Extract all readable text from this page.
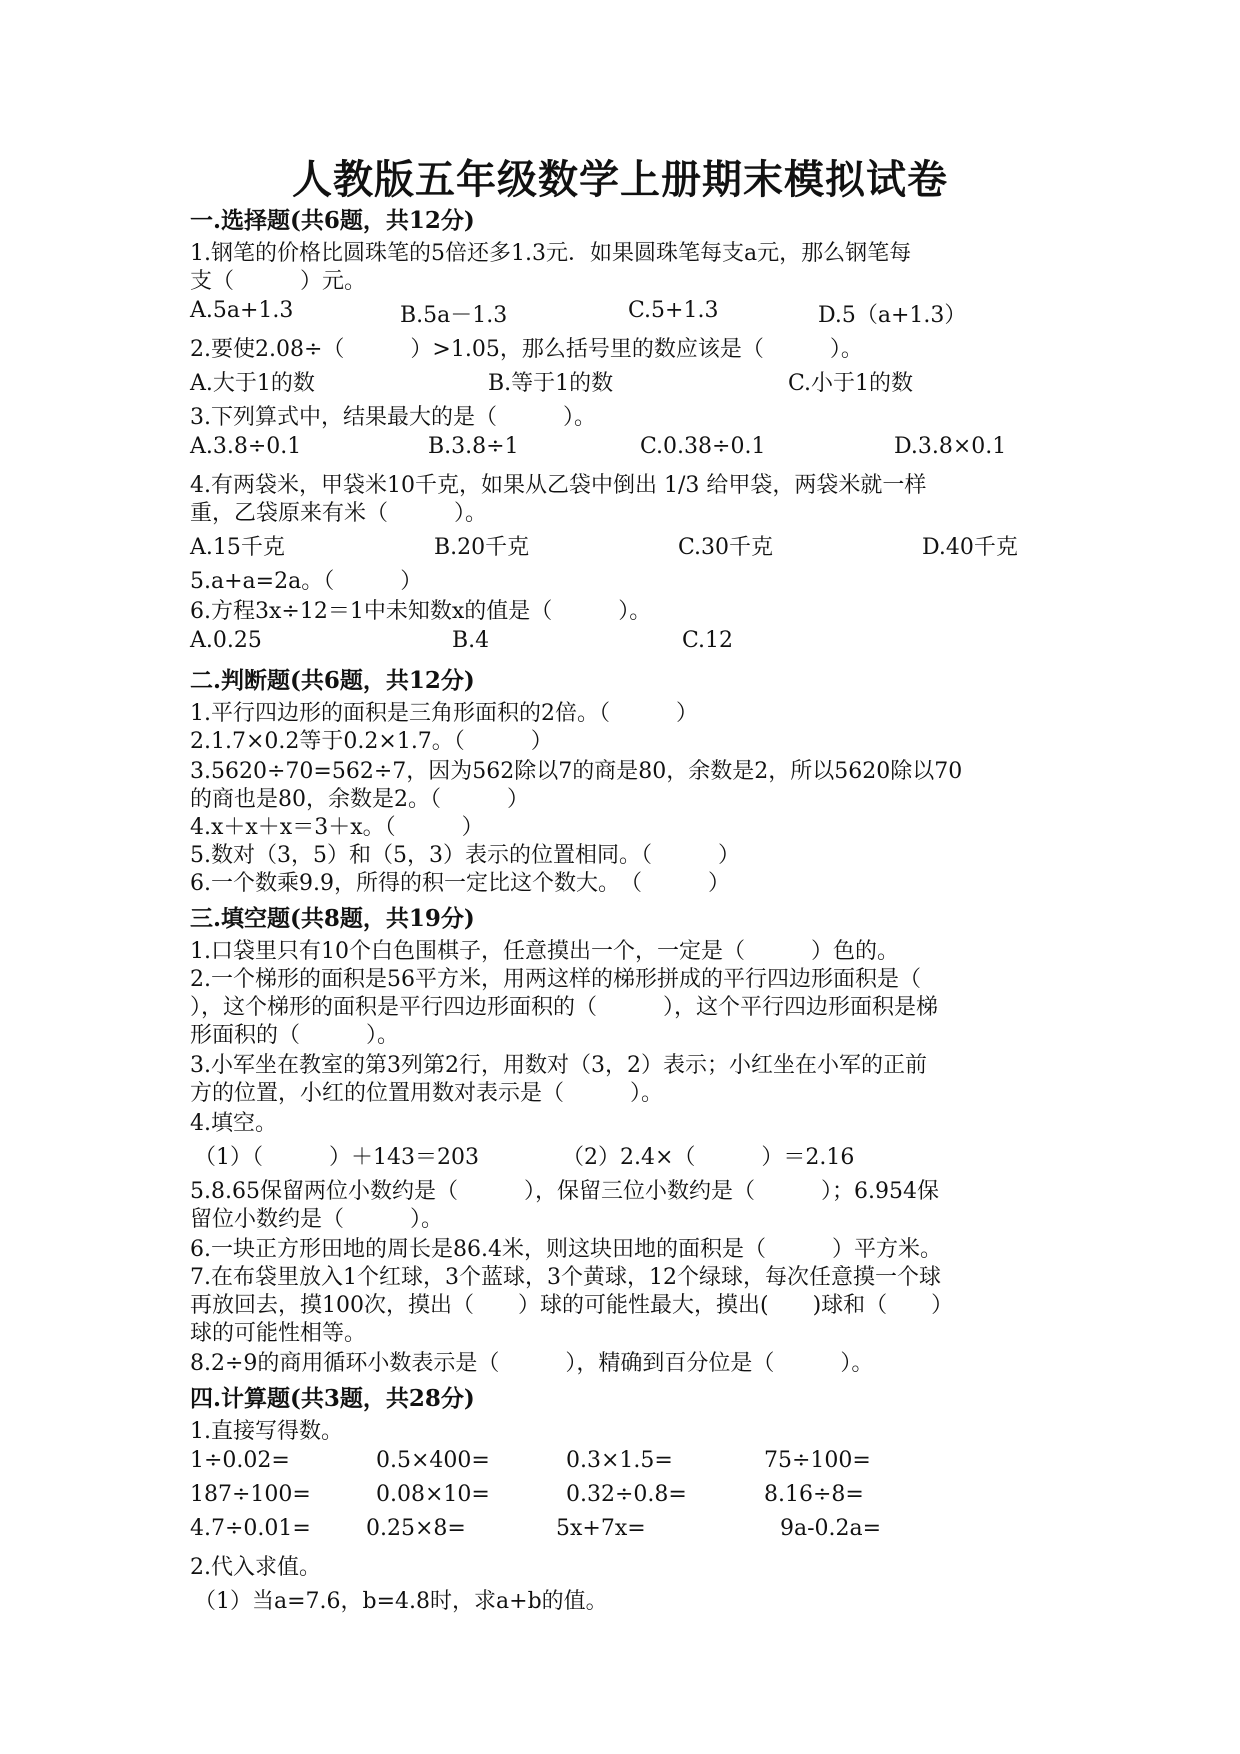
人教版五年级数学上册期末模拟试卷
一.选择题(共6题，共12分)
1.钢笔的价格比圆珠笔的5倍还多1.3元．如果圆珠笔每支a元，那么钢笔每
支（　　　）元。
A.5a+1.3	B.5a－1.3	C.5+1.3	D.5（a+1.3）
2.要使2.08÷（　　　）>1.05，那么括号里的数应该是（　　　）。
A.大于1的数	B.等于1的数	C.小于1的数
3.下列算式中，结果最大的是（　　　）。
A.3.8÷0.1	B.3.8÷1	C.0.38÷0.1	D.3.8×0.1
4.有两袋米，甲袋米10千克，如果从乙袋中倒出 1/3 给甲袋，两袋米就一样
重，乙袋原来有米（　　　）。
A.15千克	B.20千克	C.30千克	D.40千克
5.a+a=2a。（　　　）
6.方程3x÷12＝1中未知数x的值是（　　　）。
A.0.25	B.4	C.12
二.判断题(共6题，共12分)
1.平行四边形的面积是三角形面积的2倍。（　　　）
2.1.7×0.2等于0.2×1.7。（　　　）
3.5620÷70=562÷7，因为562除以7的商是80，余数是2，所以5620除以70
的商也是80，余数是2。（　　　）
4.x＋x＋x＝3＋x。（　　　）
5.数对（3，5）和（5，3）表示的位置相同。（　　　）
6.一个数乘9.9，所得的积一定比这个数大。　（　　　）
三.填空题(共8题，共19分)
1.口袋里只有10个白色围棋子，任意摸出一个，一定是（　　　）色的。
2.一个梯形的面积是56平方米，用两这样的梯形拼成的平行四边形面积是（
），这个梯形的面积是平行四边形面积的（　　　），这个平行四边形面积是梯
形面积的（　　　）。
3.小军坐在教室的第3列第2行，用数对（3，2）表示；小红坐在小军的正前
方的位置，小红的位置用数对表示是（　　　）。
4.填空。
（1）（　　　）＋143＝203	（2）2.4×（　　　）＝2.16
5.8.65保留两位小数约是（　　　），保留三位小数约是（　　　）；6.954保
留位小数约是（　　　）。
6.一块正方形田地的周长是86.4米，则这块田地的面积是（　　　）平方米。
7.在布袋里放入1个红球，3个蓝球，3个黄球，12个绿球，每次任意摸一个球
再放回去，摸100次，摸出（　　）球的可能性最大，摸出(　　)球和（　　）
球的可能性相等。
8.2÷9的商用循环小数表示是（　　　），精确到百分位是（　　　）。
四.计算题(共3题，共28分)
1.直接写得数。
1÷0.02=	0.5×400=	0.3×1.5=	75÷100=
187÷100=	0.08×10=	0.32÷0.8=	8.16÷8=
4.7÷0.01=	0.25×8=	5x+7x=	9a-0.2a=
2.代入求值。
（1）当a=7.6，b=4.8时，求a+b的值。
